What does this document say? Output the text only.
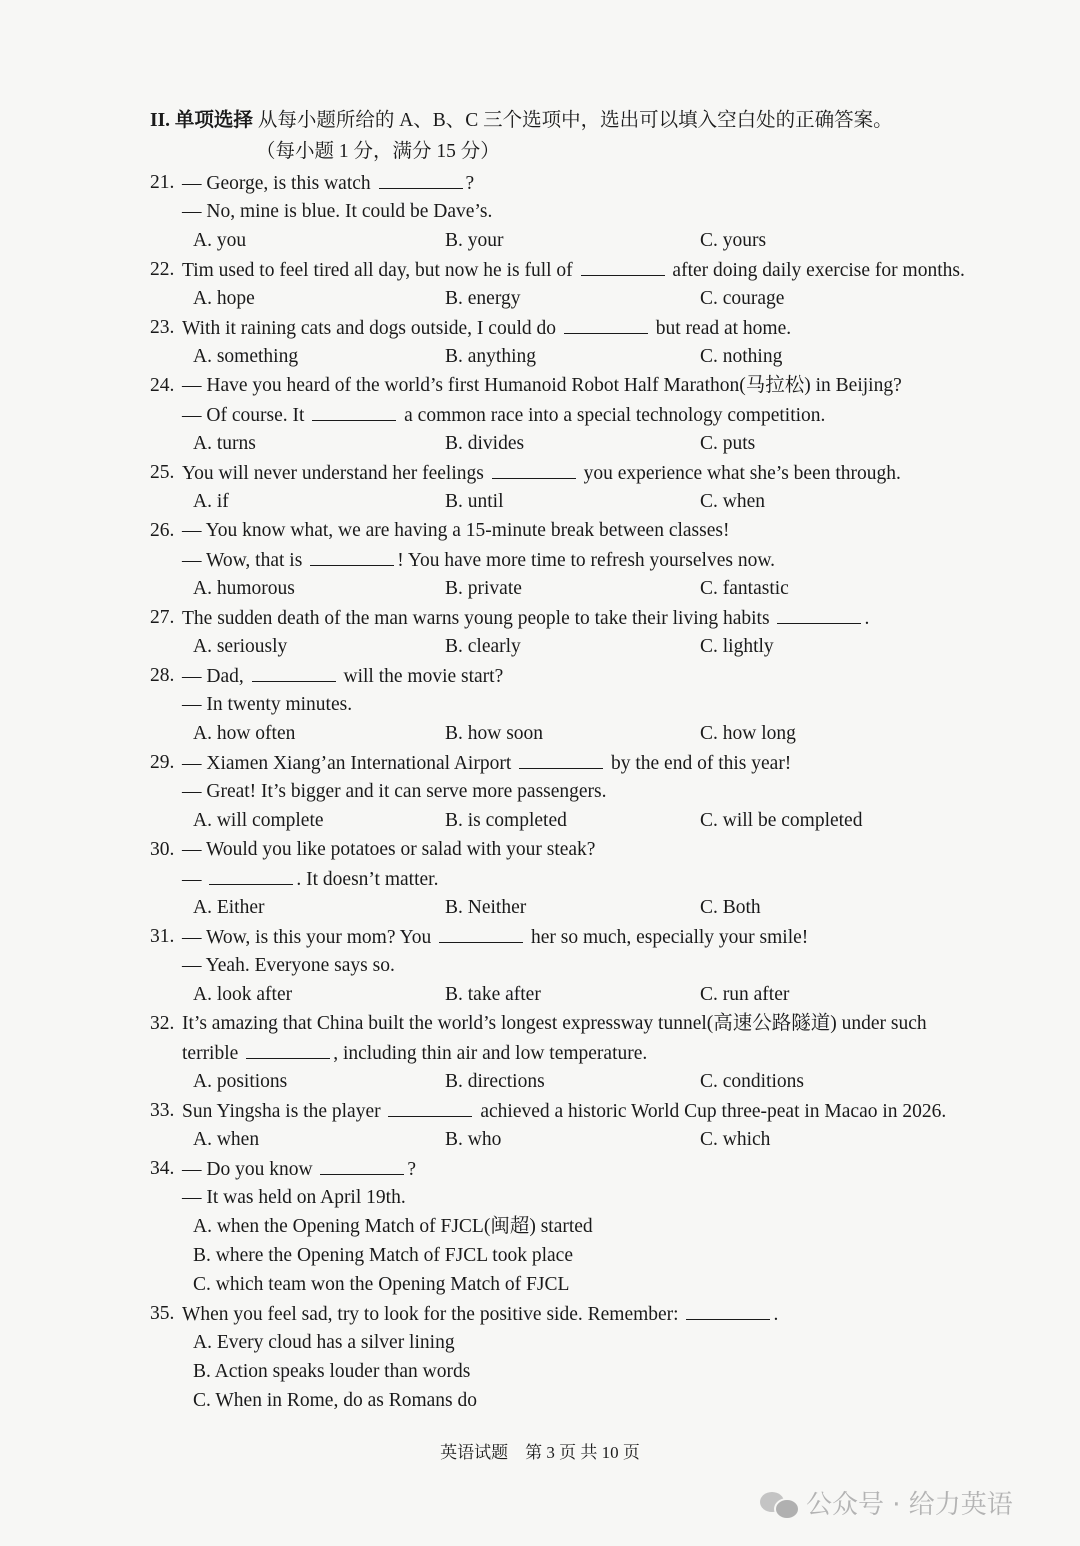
II. 单项选择 从每小题所给的 A、B、C 三个选项中，选出可以填入空白处的正确答案。
（每小题 1 分，满分 15 分）
21. — George, is this watch	?
— No, mine is blue. It could be Dave’s.
A. you	B. your	C. yours
22. Tim used to feel tired all day, but now he is full of	after doing daily exercise for months.
A. hope	B. energy	C. courage
23. With it raining cats and dogs outside, I could do	but read at home.
A. something	B. anything	C. nothing
24. — Have you heard of the world’s first Humanoid Robot Half Marathon(马拉松) in Beijing?
— Of course. It	a common race into a special technology competition.
A. turns	B. divides	C. puts
25. You will never understand her feelings	you experience what she’s been through.
A. if	B. until	C. when
26. — You know what, we are having a 15-minute break between classes!
— Wow, that is	! You have more time to refresh yourselves now.
A. humorous	B. private	C. fantastic
27. The sudden death of the man warns young people to take their living habits	.
A. seriously	B. clearly	C. lightly
28. — Dad,	will the movie start?
— In twenty minutes.
A. how often	B. how soon	C. how long
29. — Xiamen Xiang’an International Airport	by the end of this year!
— Great! It’s bigger and it can serve more passengers.
A. will complete	B. is completed	C. will be completed
30. — Would you like potatoes or salad with your steak?
—	. It doesn’t matter.
A. Either	B. Neither	C. Both
31. — Wow, is this your mom? You	her so much, especially your smile!
— Yeah. Everyone says so.
A. look after	B. take after	C. run after
32. It’s amazing that China built the world’s longest expressway tunnel(高速公路隧道) under such
terrible	, including thin air and low temperature.
A. positions	B. directions	C. conditions
33. Sun Yingsha is the player	achieved a historic World Cup three-peat in Macao in 2026.
A. when	B. who	C. which
34. — Do you know	?
— It was held on April 19th.
A. when the Opening Match of FJCL(闽超) started
B. where the Opening Match of FJCL took place
C. which team won the Opening Match of FJCL
35. When you feel sad, try to look for the positive side. Remember:	.
A. Every cloud has a silver lining
B. Action speaks louder than words
C. When in Rome, do as Romans do
英语试题　第 3 页 共 10 页
公众号 · 给力英语
